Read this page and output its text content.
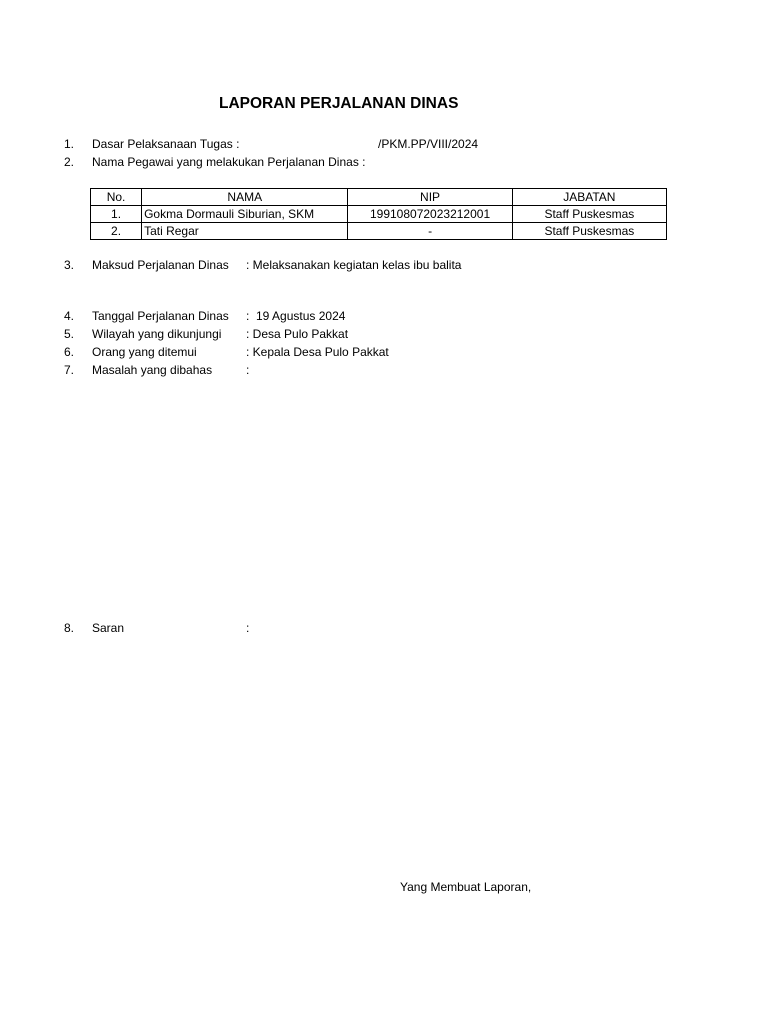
LAPORAN PERJALANAN DINAS
1. Dasar Pelaksanaan Tugas :	/PKM.PP/VIII/2024
2. Nama Pegawai yang melakukan Perjalanan Dinas :
No.	NAMA	NIP	JABATAN
1.	Gokma Dormauli Siburian, SKM	199108072023212001	Staff Puskesmas
2.	Tati Regar	-	Staff Puskesmas
3. Maksud Perjalanan Dinas : Melaksanakan kegiatan kelas ibu balita
4. Tanggal Perjalanan Dinas :  19 Agustus 2024
5. Wilayah yang dikunjungi : Desa Pulo Pakkat
6. Orang yang ditemui	: Kepala Desa Pulo Pakkat
7. Masalah yang dibahas	:
8. Saran	:
Yang Membuat Laporan,
